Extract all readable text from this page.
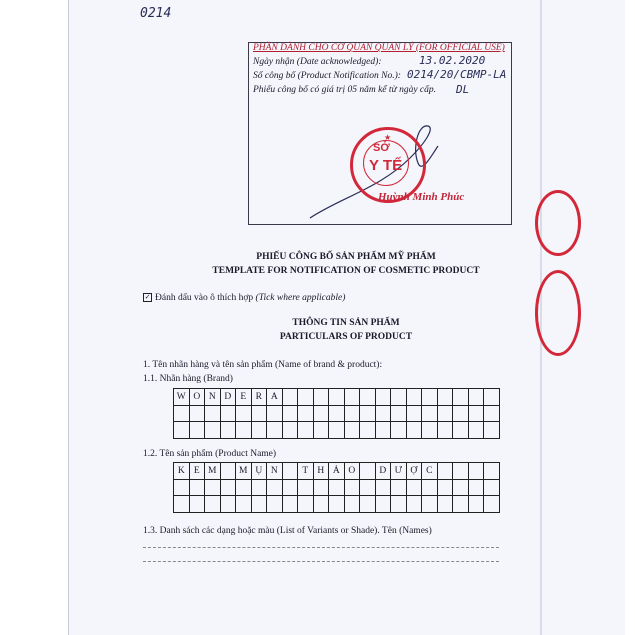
0214
PHẦN DÀNH CHO CƠ QUAN QUẢN LÝ (FOR OFFICIAL USE)
Ngày nhận (Date acknowledged):	13.02.2020
Số công bố (Product Notification No.): 0214/20/CBMP-LA
Phiếu công bố có giá trị 05 năm kể từ ngày cấp. DL
★
SỞ
Y TẾ
Huỳnh Minh Phúc
PHIẾU CÔNG BỐ SẢN PHẨM MỸ PHẨM
TEMPLATE FOR NOTIFICATION OF COSMETIC PRODUCT
✓ Đánh dấu vào ô thích hợp (Tick where applicable)
THÔNG TIN SẢN PHẨM
PARTICULARS OF PRODUCT
1. Tên nhãn hàng và tên sản phẩm (Name of brand & product):
1.1. Nhãn hàng (Brand)
W	O	N	D	E	R	A														

1.2. Tên sản phẩm (Product Name)
K	E	M		M	Ụ	N		T	H	Ả	O		D	Ư	Ợ	C				

1.3. Danh sách các dạng hoặc màu (List of Variants or Shade). Tên (Names)
